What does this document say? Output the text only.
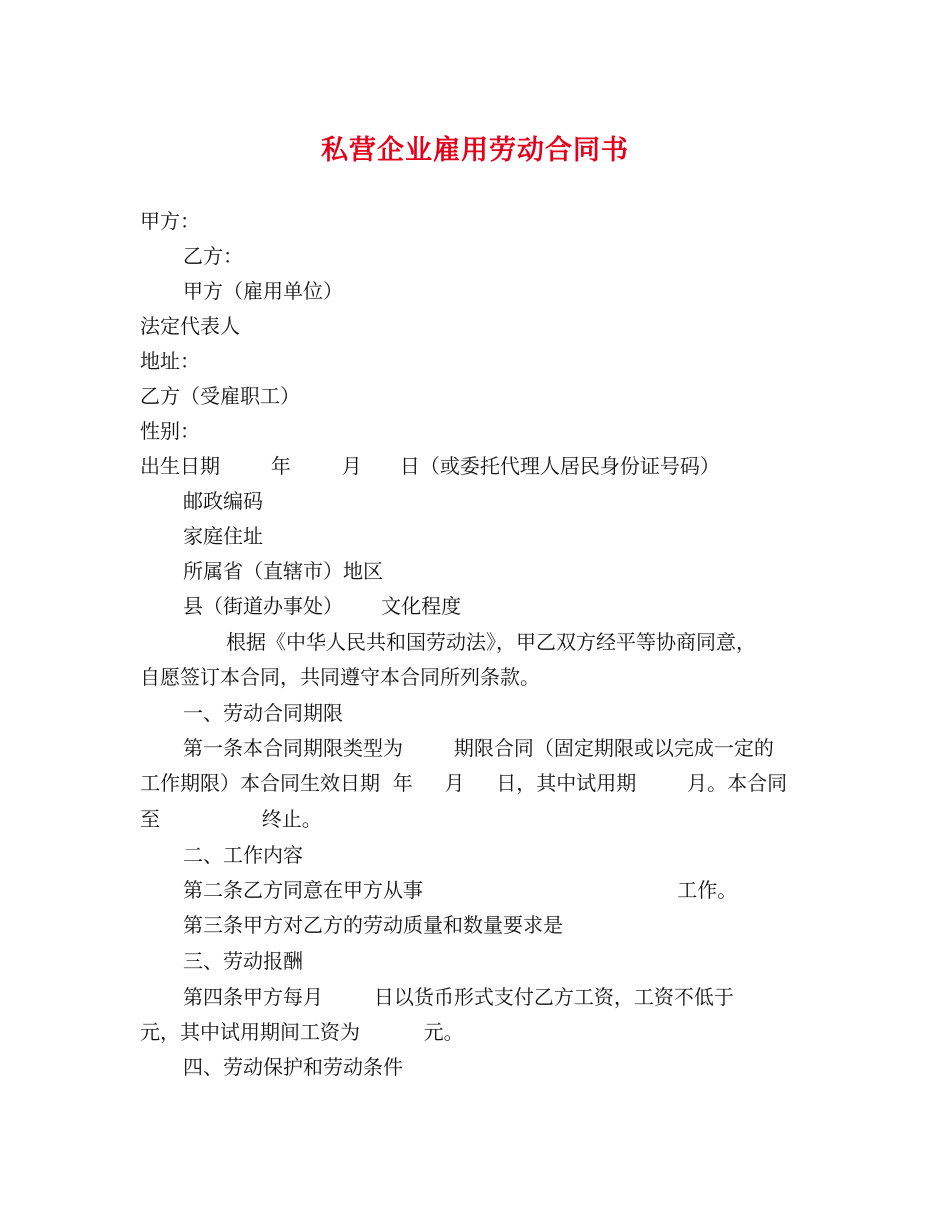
私营企业雇用劳动合同书
甲方：
乙方：
甲方（雇用单位）
法定代表人
地址：
乙方（受雇职工）
性别：
出生日期        年        月      日（或委托代理人居民身份证号码）
邮政编码
家庭住址
所属省（直辖市）地区
县（街道办事处）      文化程度
根据《中华人民共和国劳动法》，甲乙双方经平等协商同意，
自愿签订本合同，共同遵守本合同所列条款。
一、劳动合同期限
第一条本合同期限类型为        期限合同（固定期限或以完成一定的
工作期限）本合同生效日期  年     月     日，其中试用期        月。本合同
至                终止。
二、工作内容
第二条乙方同意在甲方从事                                        工作。
第三条甲方对乙方的劳动质量和数量要求是
三、劳动报酬
第四条甲方每月        日以货币形式支付乙方工资，工资不低于
元，其中试用期间工资为          元。
四、劳动保护和劳动条件
